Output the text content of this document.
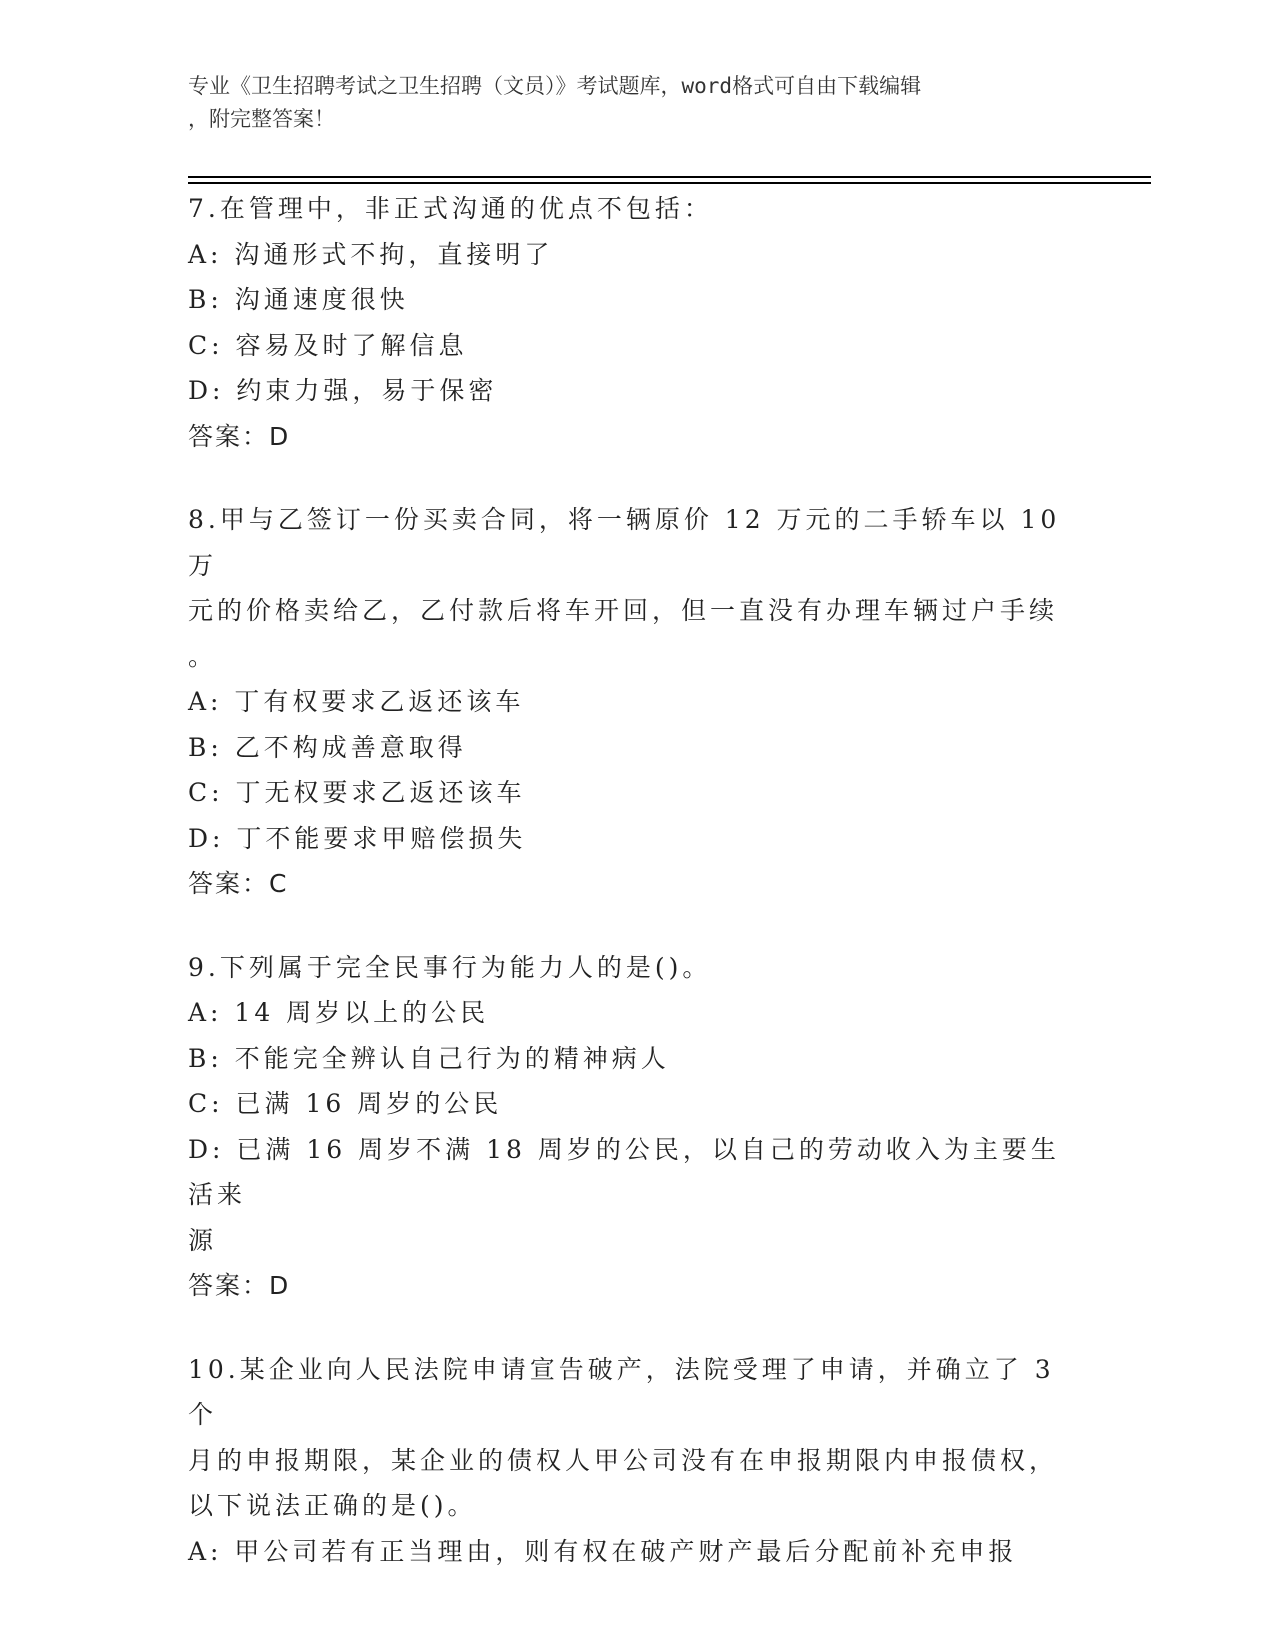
专业《卫生招聘考试之卫生招聘（文员）》考试题库，word格式可自由下载编辑
，附完整答案！
7.在管理中，非正式沟通的优点不包括：
A: 沟通形式不拘，直接明了
B: 沟通速度很快
C: 容易及时了解信息
D: 约束力强，易于保密
答案：D
8.甲与乙签订一份买卖合同，将一辆原价 12 万元的二手轿车以 10 万
元的价格卖给乙，乙付款后将车开回，但一直没有办理车辆过户手续
。
A: 丁有权要求乙返还该车
B: 乙不构成善意取得
C: 丁无权要求乙返还该车
D: 丁不能要求甲赔偿损失
答案：C
9.下列属于完全民事行为能力人的是()。
A: 14 周岁以上的公民
B: 不能完全辨认自己行为的精神病人
C: 已满 16 周岁的公民
D: 已满 16 周岁不满 18 周岁的公民，以自己的劳动收入为主要生活来
源
答案：D
10.某企业向人民法院申请宣告破产，法院受理了申请，并确立了 3 个
月的申报期限，某企业的债权人甲公司没有在申报期限内申报债权，
以下说法正确的是()。
A: 甲公司若有正当理由，则有权在破产财产最后分配前补充申报
